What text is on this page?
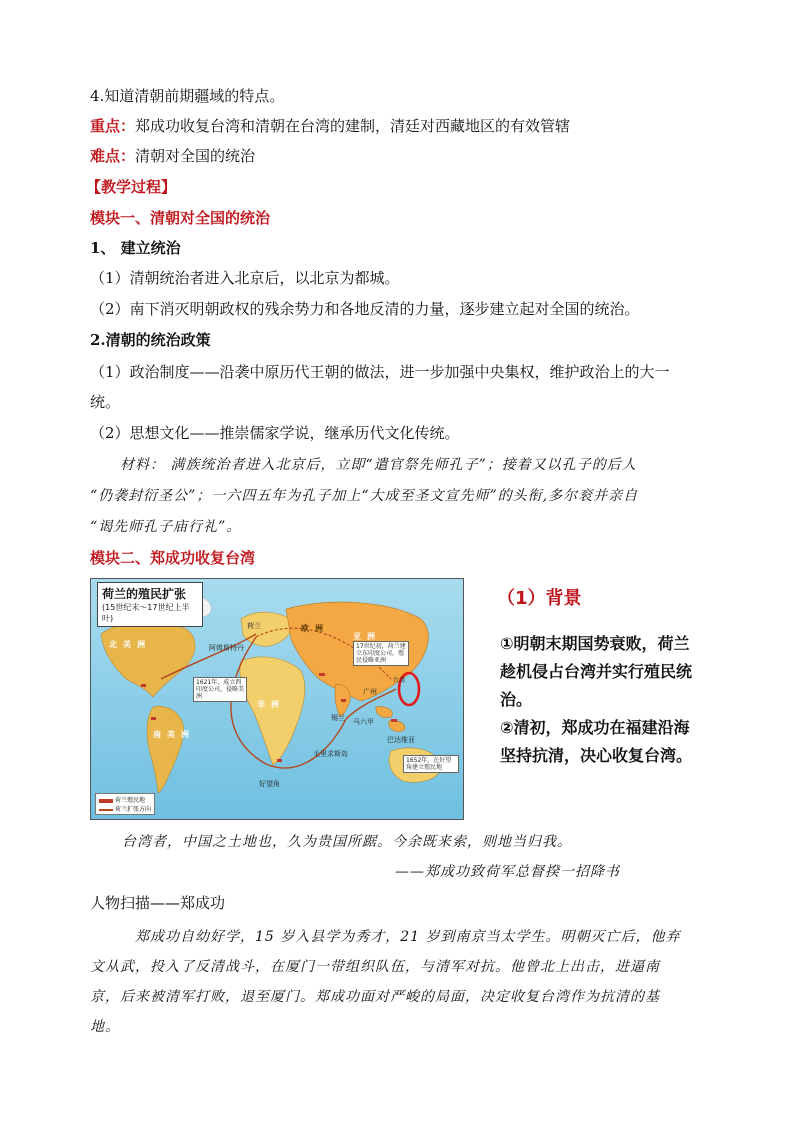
4.知道清朝前期疆域的特点。
重点：郑成功收复台湾和清朝在台湾的建制，清廷对西藏地区的有效管辖
难点：清朝对全国的统治
【教学过程】
模块一、清朝对全国的统治
1、 建立统治
（1）清朝统治者进入北京后，以北京为都城。
（2）南下消灭明朝政权的残余势力和各地反清的力量，逐步建立起对全国的统治。
2.清朝的统治政策
（1）政治制度——沿袭中原历代王朝的做法，进一步加强中央集权，维护政治上的大一
统。
（2）思想文化——推崇儒家学说，继承历代文化传统。
材料： 满族统治者进入北京后，立即“遣官祭先师孔子”；接着又以孔子的后人
“仍袭封衍圣公”；一六四五年为孔子加上“大成至圣文宣先师”的头衔,多尔衮并亲自
“谒先师孔子庙行礼”。
模块二、郑成功收复台湾
荷兰的殖民扩张
(15世纪末～17世纪上半叶)
北美洲
南美洲
非洲
亚洲
欧洲
阿姆斯特丹
荷兰
好望角
毛里求斯岛
广州
台湾
马六甲
巴达维亚
锡兰
17世纪初，荷兰建立东印度公司，殖民侵略亚洲
1621年，成立西印度公司，侵略美洲
1652年，在好望角建立殖民地
荷兰殖民地
荷兰扩张方向
（1）背景
①明朝末期国势衰败，荷兰
趁机侵占台湾并实行殖民统
治。
②清初，郑成功在福建沿海
坚持抗清，决心收复台湾。
台湾者，中国之土地也，久为贵国所踞。今余既来索，则地当归我。
——郑成功致荷军总督揆一招降书
人物扫描——郑成功
郑成功自幼好学，15 岁入县学为秀才，21 岁到南京当太学生。明朝灭亡后，他弃
文从武，投入了反清战斗，在厦门一带组织队伍，与清军对抗。他曾北上出击，进逼南
京，后来被清军打败，退至厦门。郑成功面对严峻的局面，决定收复台湾作为抗清的基
地。
